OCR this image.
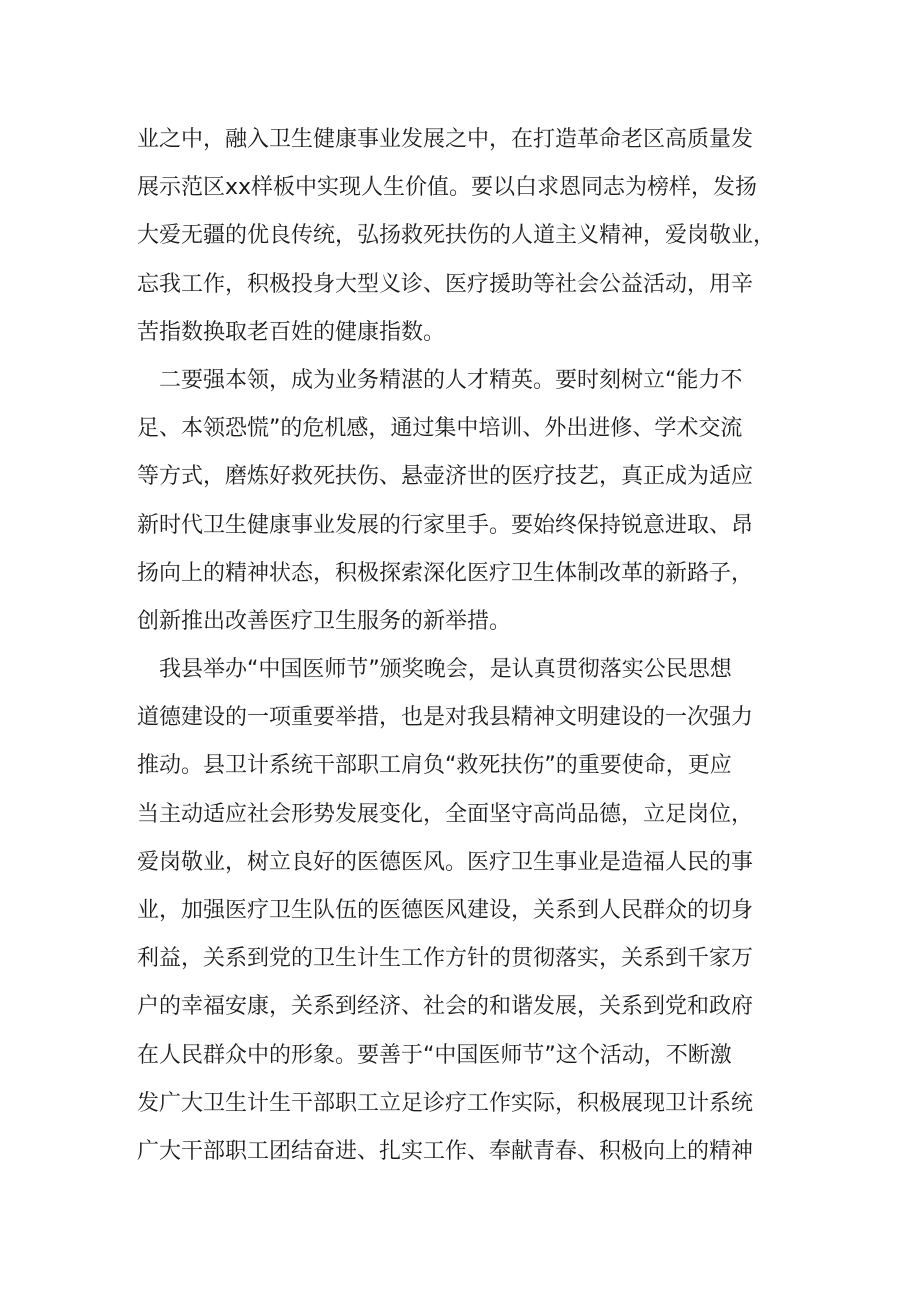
业之中，融入卫生健康事业发展之中，在打造革命老区高质量发
展示范区xx样板中实现人生价值。要以白求恩同志为榜样，发扬
大爱无疆的优良传统，弘扬救死扶伤的人道主义精神，爱岗敬业，
忘我工作，积极投身大型义诊、医疗援助等社会公益活动，用辛
苦指数换取老百姓的健康指数。
二要强本领，成为业务精湛的人才精英。要时刻树立“能力不
足、本领恐慌”的危机感，通过集中培训、外出进修、学术交流
等方式，磨炼好救死扶伤、悬壶济世的医疗技艺，真正成为适应
新时代卫生健康事业发展的行家里手。要始终保持锐意进取、昂
扬向上的精神状态，积极探索深化医疗卫生体制改革的新路子，
创新推出改善医疗卫生服务的新举措。
我县举办“中国医师节”颁奖晚会，是认真贯彻落实公民思想
道德建设的一项重要举措，也是对我县精神文明建设的一次强力
推动。县卫计系统干部职工肩负“救死扶伤”的重要使命，更应
当主动适应社会形势发展变化，全面坚守高尚品德，立足岗位，
爱岗敬业，树立良好的医德医风。医疗卫生事业是造福人民的事
业，加强医疗卫生队伍的医德医风建设，关系到人民群众的切身
利益，关系到党的卫生计生工作方针的贯彻落实，关系到千家万
户的幸福安康，关系到经济、社会的和谐发展，关系到党和政府
在人民群众中的形象。要善于“中国医师节”这个活动，不断激
发广大卫生计生干部职工立足诊疗工作实际，积极展现卫计系统
广大干部职工团结奋进、扎实工作、奉献青春、积极向上的精神
